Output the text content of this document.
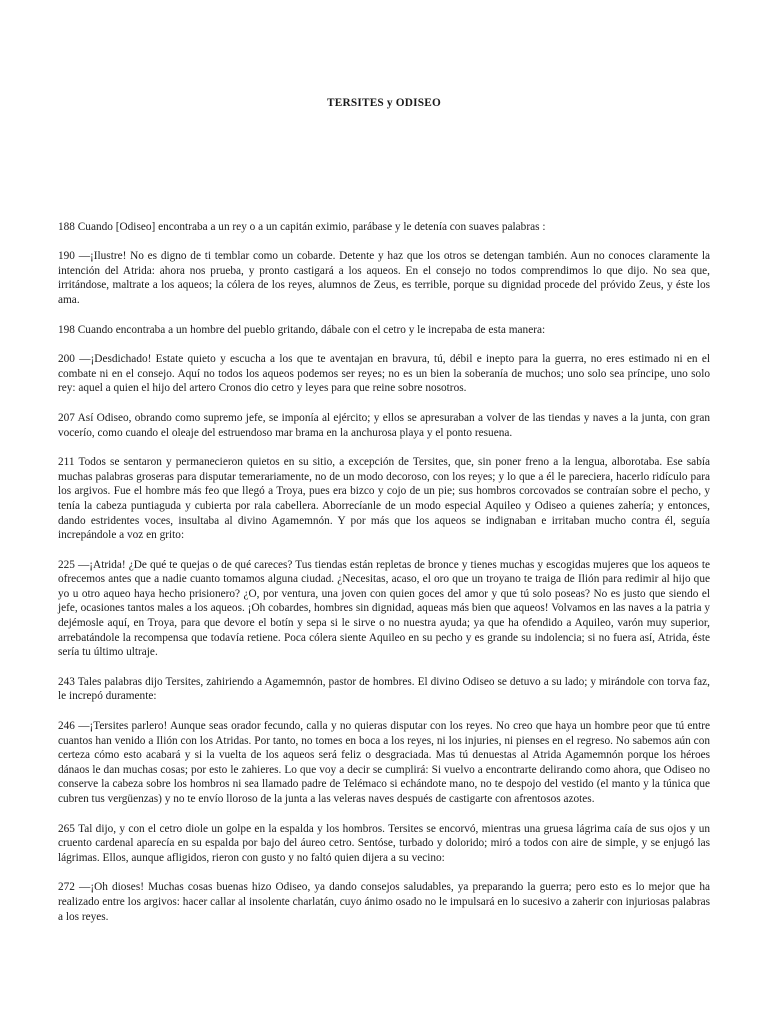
TERSITES y ODISEO

188 Cuando [Odiseo] encontraba a un rey o a un capitán eximio, parábase y le detenía con suaves palabras :

190 —¡Ilustre! No es digno de ti temblar como un cobarde. Detente y haz que los otros se detengan también. Aun no conoces claramente la intención del Atrida: ahora nos prueba, y pronto castigará a los aqueos. En el consejo no todos comprendimos lo que dijo. No sea que, irritándose, maltrate a los aqueos; la cólera de los reyes, alumnos de Zeus, es terrible, porque su dignidad procede del próvido Zeus, y éste los ama.

198 Cuando encontraba a un hombre del pueblo gritando, dábale con el cetro y le increpaba de esta manera:

200 —¡Desdichado! Estate quieto y escucha a los que te aventajan en bravura, tú, débil e inepto para la guerra, no eres estimado ni en el combate ni en el consejo. Aquí no todos los aqueos podemos ser reyes; no es un bien la soberanía de muchos; uno solo sea príncipe, uno solo rey: aquel a quien el hijo del artero Cronos dio cetro y leyes para que reine sobre nosotros.

207 Así Odiseo, obrando como supremo jefe, se imponía al ejército; y ellos se apresuraban a volver de las tiendas y naves a la junta, con gran vocerío, como cuando el oleaje del estruendoso mar brama en la anchurosa playa y el ponto resuena.

211 Todos se sentaron y permanecieron quietos en su sitio, a excepción de Tersites, que, sin poner freno a la lengua, alborotaba. Ese sabía muchas palabras groseras para disputar temerariamente, no de un modo decoroso, con los reyes; y lo que a él le pareciera, hacerlo ridículo para los argivos. Fue el hombre más feo que llegó a Troya, pues era bizco y cojo de un pie; sus hombros corcovados se contraían sobre el pecho, y tenía la cabeza puntiaguda y cubierta por rala cabellera. Aborrecíanle de un modo especial Aquileo y Odiseo a quienes zahería; y entonces, dando estridentes voces, insultaba al divino Agamemnón. Y por más que los aqueos se indignaban e irritaban mucho contra él, seguía increpándole a voz en grito:

225 —¡Atrida! ¿De qué te quejas o de qué careces? Tus tiendas están repletas de bronce y tienes muchas y escogidas mujeres que los aqueos te ofrecemos antes que a nadie cuanto tomamos alguna ciudad. ¿Necesitas, acaso, el oro que un troyano te traiga de Ilión para redimir al hijo que yo u otro aqueo haya hecho prisionero? ¿O, por ventura, una joven con quien goces del amor y que tú solo poseas? No es justo que siendo el jefe, ocasiones tantos males a los aqueos. ¡Oh cobardes, hombres sin dignidad, aqueas más bien que aqueos! Volvamos en las naves a la patria y dejémosle aquí, en Troya, para que devore el botín y sepa si le sirve o no nuestra ayuda; ya que ha ofendido a Aquileo, varón muy superior, arrebatándole la recompensa que todavía retiene. Poca cólera siente Aquileo en su pecho y es grande su indolencia; si no fuera así, Atrida, éste sería tu último ultraje.

243 Tales palabras dijo Tersites, zahiriendo a Agamemnón, pastor de hombres. El divino Odiseo se detuvo a su lado; y mirándole con torva faz, le increpó duramente:

246 —¡Tersites parlero! Aunque seas orador fecundo, calla y no quieras disputar con los reyes. No creo que haya un hombre peor que tú entre cuantos han venido a Ilión con los Atridas. Por tanto, no tomes en boca a los reyes, ni los injuries, ni pienses en el regreso. No sabemos aún con certeza cómo esto acabará y si la vuelta de los aqueos será feliz o desgraciada. Mas tú denuestas al Atrida Agamemnón porque los héroes dánaos le dan muchas cosas; por esto le zahieres. Lo que voy a decir se cumplirá: Si vuelvo a encontrarte delirando como ahora, que Odiseo no conserve la cabeza sobre los hombros ni sea llamado padre de Telémaco si echándote mano, no te despojo del vestido (el manto y la túnica que cubren tus vergüenzas) y no te envío lloroso de la junta a las veleras naves después de castigarte con afrentosos azotes.

265 Tal dijo, y con el cetro diole un golpe en la espalda y los hombros. Tersites se encorvó, mientras una gruesa lágrima caía de sus ojos y un cruento cardenal aparecía en su espalda por bajo del áureo cetro. Sentóse, turbado y dolorido; miró a todos con aire de simple, y se enjugó las lágrimas. Ellos, aunque afligidos, rieron con gusto y no faltó quien dijera a su vecino:

272 —¡Oh dioses! Muchas cosas buenas hizo Odiseo, ya dando consejos saludables, ya preparando la guerra; pero esto es lo mejor que ha realizado entre los argivos: hacer callar al insolente charlatán, cuyo ánimo osado no le impulsará en lo sucesivo a zaherir con injuriosas palabras a los reyes.
